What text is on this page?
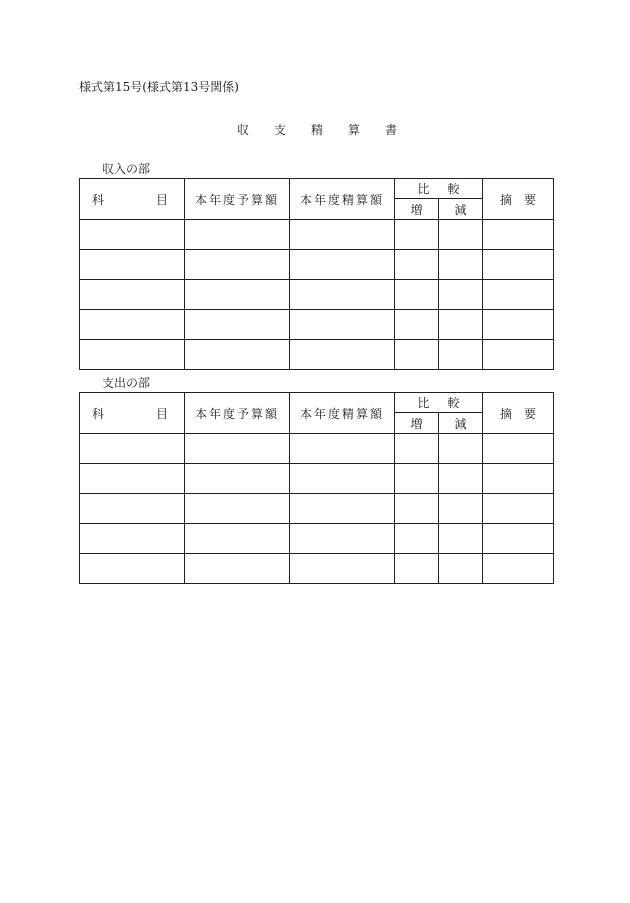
様式第15号(様式第13号関係)
収 支 精 算 書
収入の部
科 目	本年度予算額	本年度精算額	比 較		摘 要

			増	減	

支出の部
科 目	本年度予算額	本年度精算額	比 較		摘 要

			増	減	
